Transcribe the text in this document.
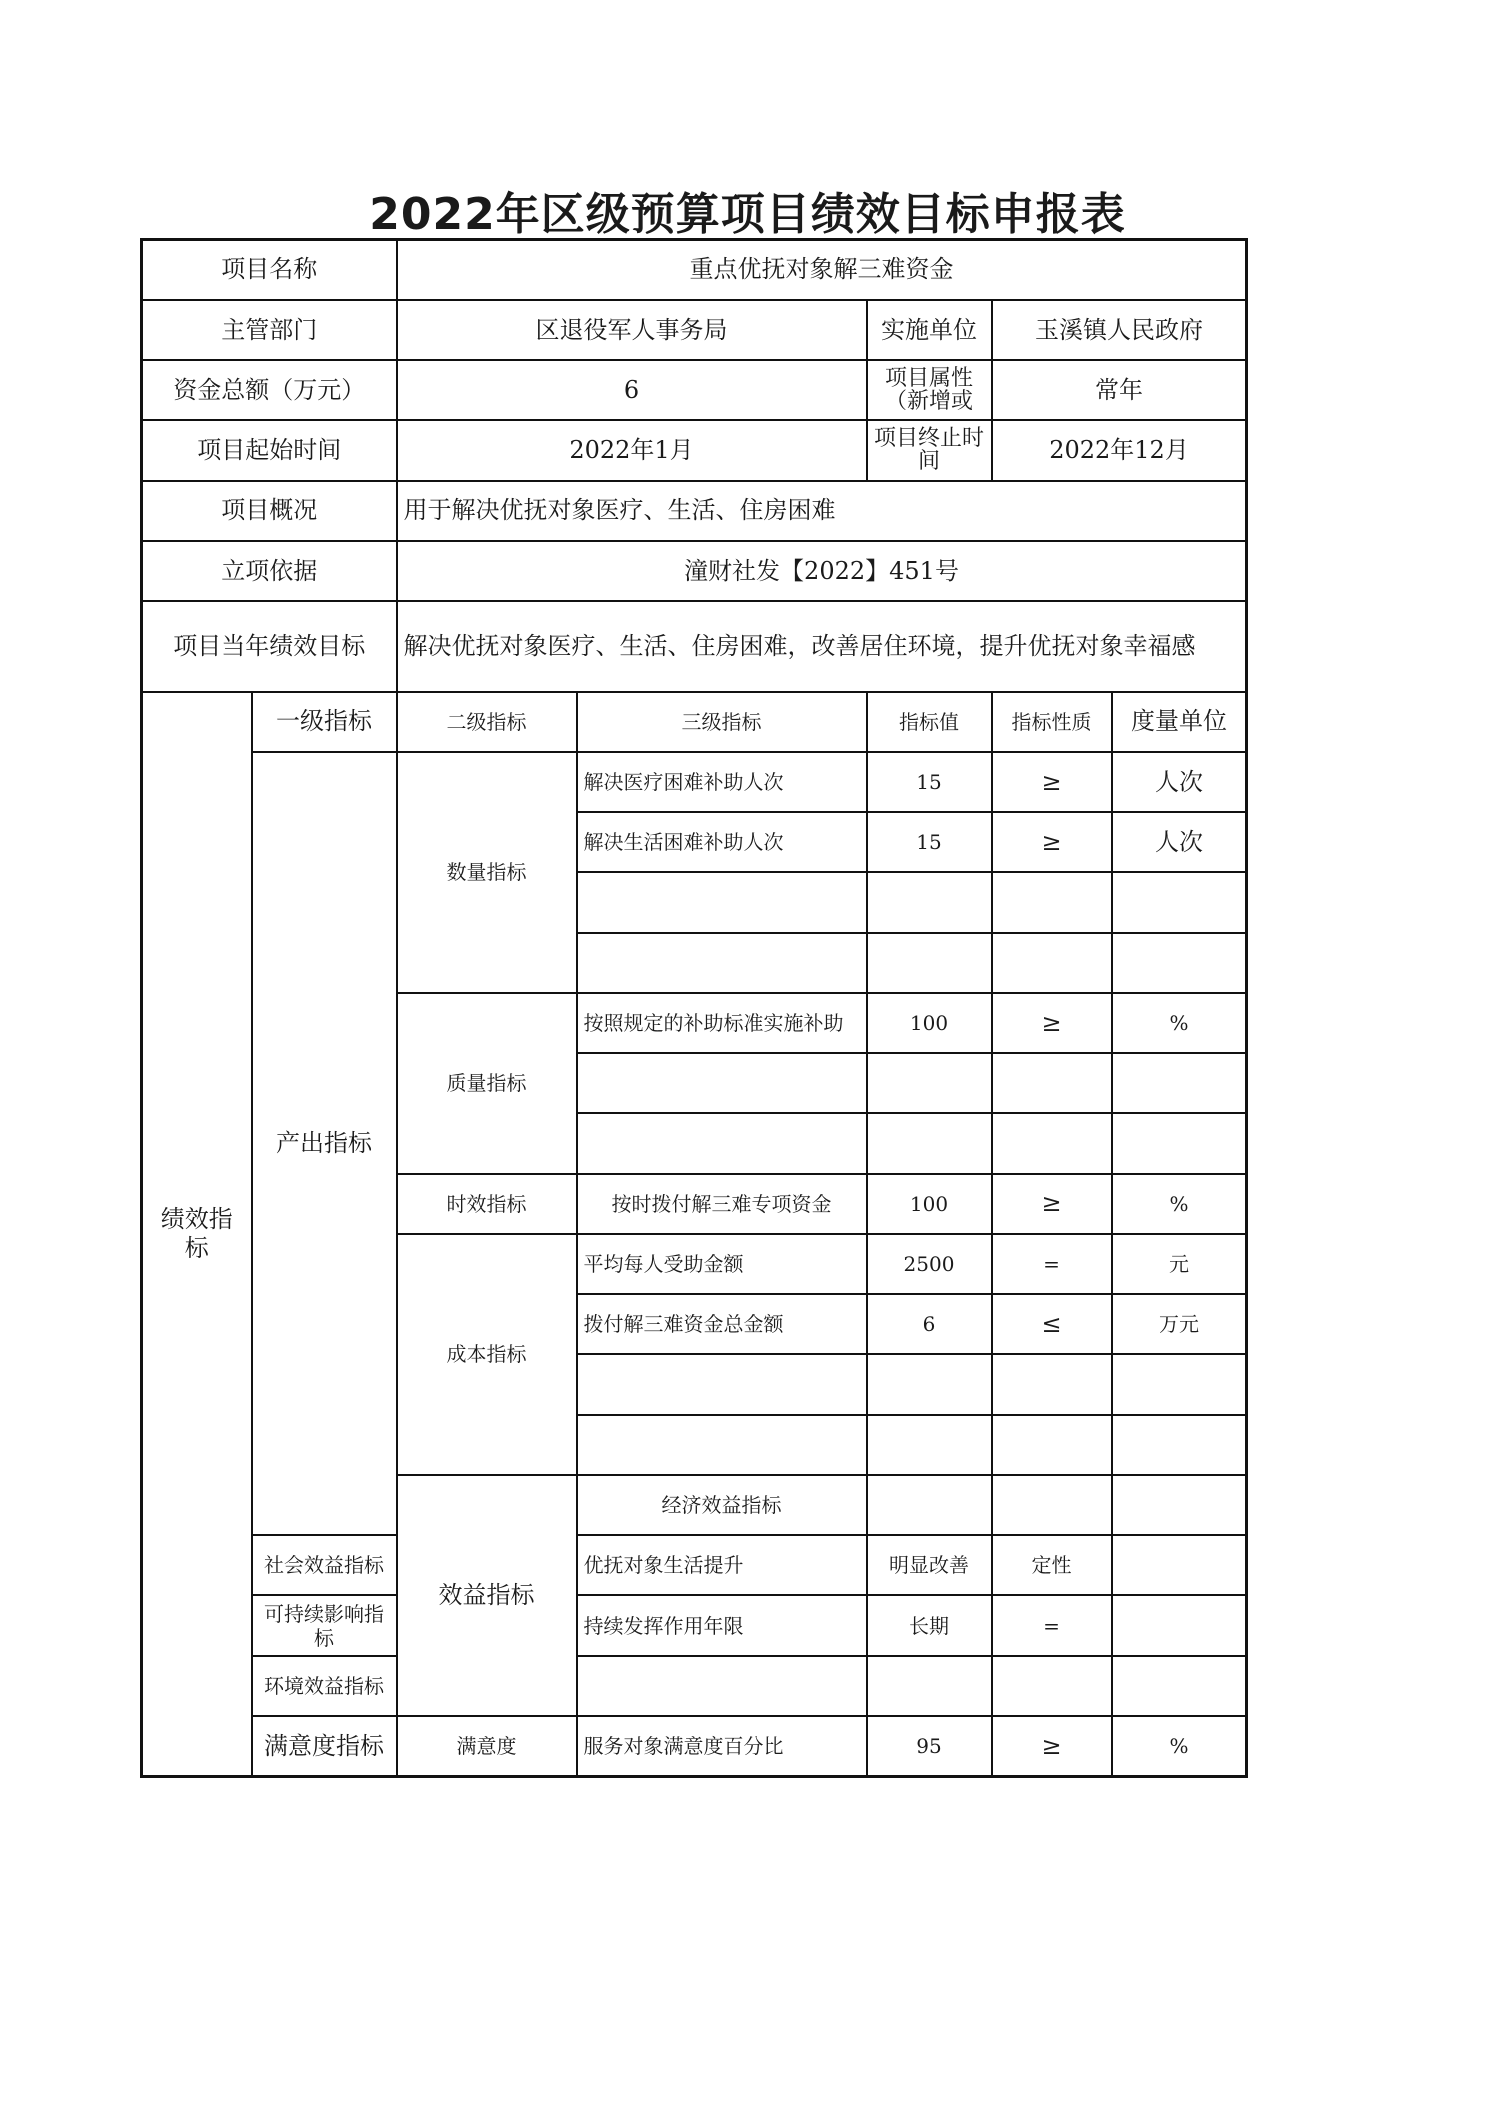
2022年区级预算项目绩效目标申报表
项目名称		重点优抚对象解三难资金					
主管部门		区退役军人事务局		实施单位	玉溪镇人民政府		
资金总额（万元）		6		项目属性（新增或	常年		
项目起始时间		2022年1月		项目终止时间	2022年12月		
项目概况		用于解决优抚对象医疗、生活、住房困难					
立项依据		潼财社发【2022】451号					
项目当年绩效目标		解决优抚对象医疗、生活、住房困难，改善居住环境，提升优抚对象幸福感					
绩效指标	一级指标	二级指标	三级指标	指标值	指标性质	度量单位	
	产出指标	数量指标	解决医疗困难补助人次	15	≥	人次	
			解决生活困难补助人次	15	≥	人次	

		质量指标	按照规定的补助标准实施补助	100	≥	%	

		时效指标	按时拨付解三难专项资金	100	≥	%	
		成本指标	平均每人受助金额	2500	=	元	
			拨付解三难资金总金额	6	≤	万元	

		效益指标	经济效益指标				
	社会效益指标		优抚对象生活提升	明显改善	定性		
	可持续影响指标		持续发挥作用年限	长期	=		
	环境效益指标						
	满意度指标	满意度	服务对象满意度百分比	95	≥	%	
